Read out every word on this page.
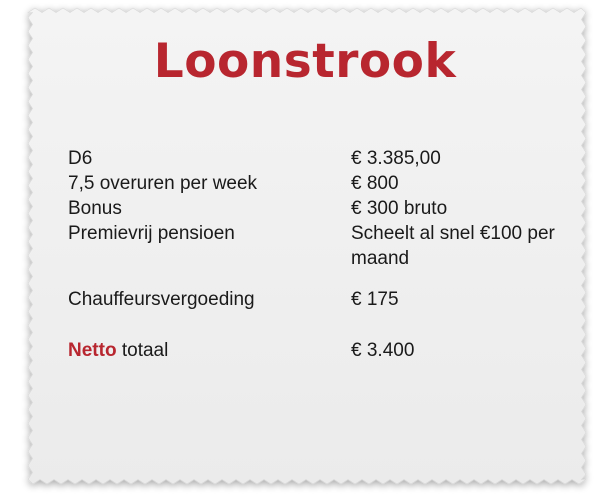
Loonstrook
D6	€ 3.385,00
7,5 overuren per week	€ 800
Bonus	€ 300 bruto
Premievrij pensioen	Scheelt al snel €100 per maand
Chauffeursvergoeding	€ 175
Netto totaal	€ 3.400
